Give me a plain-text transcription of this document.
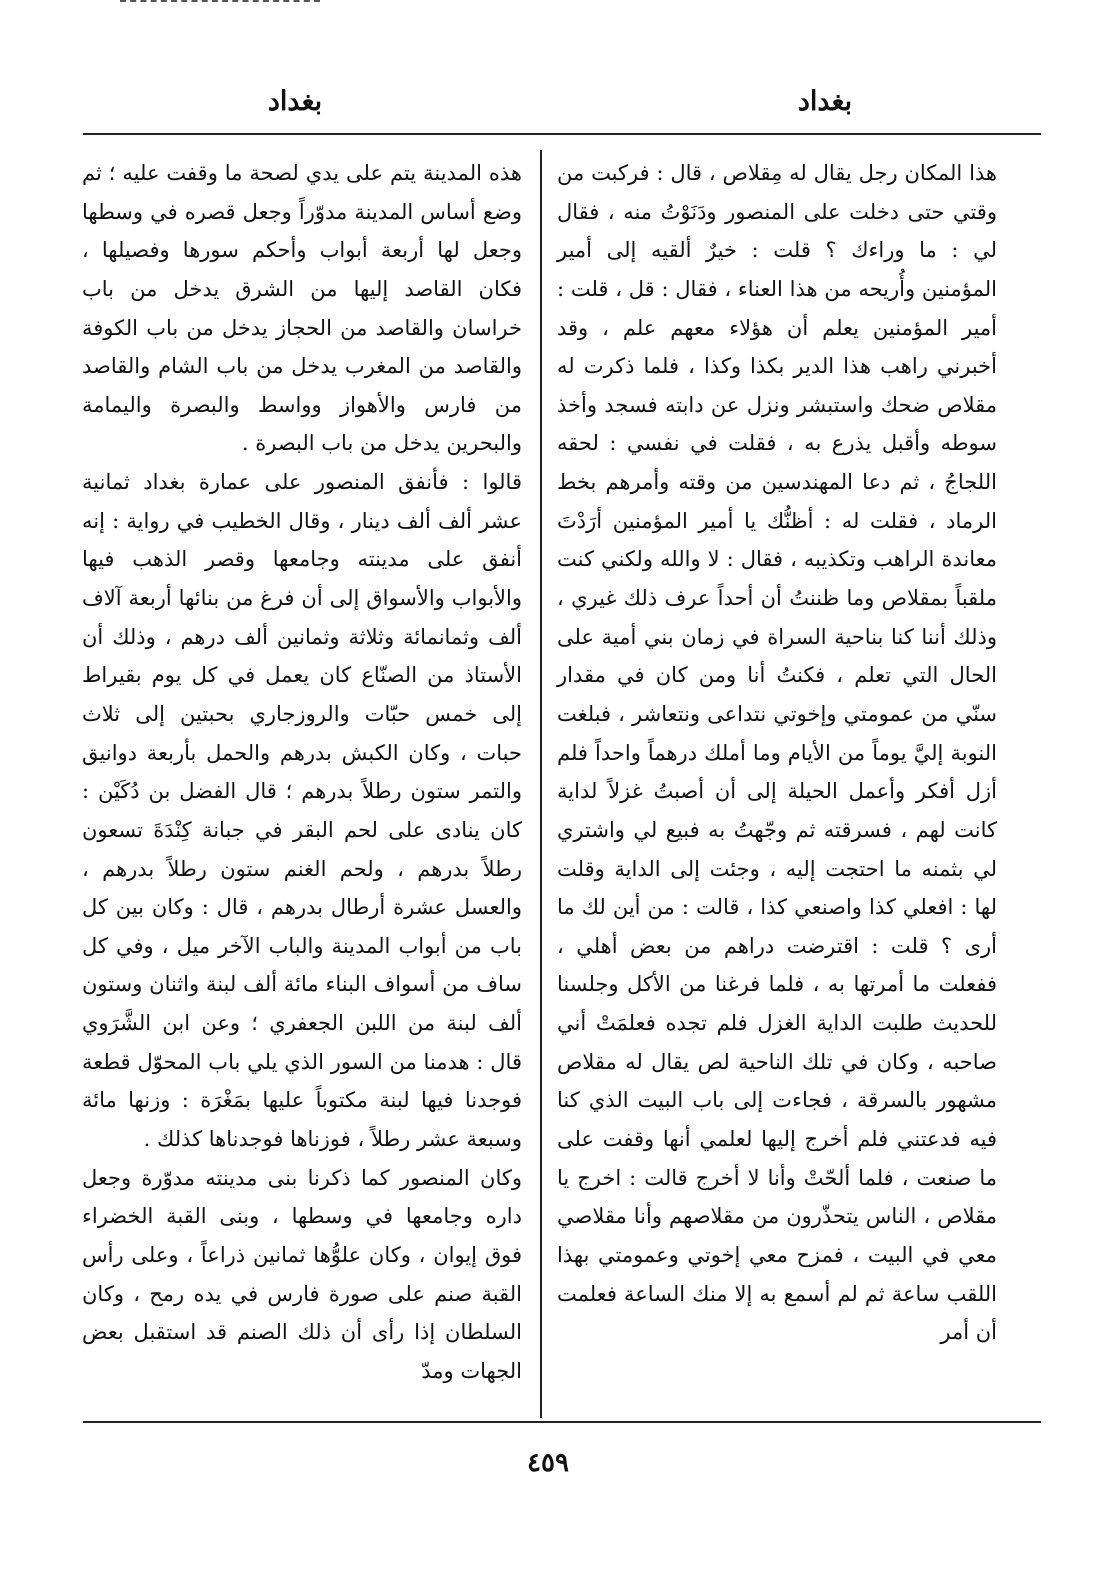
بغداد
بغداد

هذا المكان رجل يقال له مِقلاص ، قال : فركبت من وقتي حتى دخلت على المنصور ودَنَوْتُ منه ، فقال لي : ما وراءك ؟ قلت : خيرٌ ألقيه إلى أمير المؤمنين وأُريحه من هذا العناء ، فقال : قل ، قلت : أمير المؤمنين يعلم أن هؤلاء معهم علم ، وقد أخبرني راهب هذا الدير بكذا وكذا ، فلما ذكرت له مقلاص ضحك واستبشر ونزل عن دابته فسجد وأخذ سوطه وأقبل يذرع به ، فقلت في نفسي : لحقه اللجاجُ ، ثم دعا المهندسين من وقته وأمرهم بخط الرماد ، فقلت له : أظنُّك يا أمير المؤمنين أرَدْتَ معاندة الراهب وتكذيبه ، فقال : لا والله ولكني كنت ملقباً بمقلاص وما ظننتُ أن أحداً عرف ذلك غيري ، وذلك أننا كنا بناحية السراة في زمان بني أمية على الحال التي تعلم ، فكنتُ أنا ومن كان في مقدار سنّي من عمومتي وإخوتي نتداعى ونتعاشر ، فبلغت النوبة إليَّ يوماً من الأيام وما أملك درهماً واحداً فلم أزل أفكر وأعمل الحيلة إلى أن أصبتُ غزلاً لداية كانت لهم ، فسرقته ثم وجّهتُ به فبيع لي واشتري لي بثمنه ما احتجت إليه ، وجئت إلى الداية وقلت لها : افعلي كذا واصنعي كذا ، قالت : من أين لك ما أرى ؟ قلت : اقترضت دراهم من بعض أهلي ، ففعلت ما أمرتها به ، فلما فرغنا من الأكل وجلسنا للحديث طلبت الداية الغزل فلم تجده فعلمَتْ أني صاحبه ، وكان في تلك الناحية لص يقال له مقلاص مشهور بالسرقة ، فجاءت إلى باب البيت الذي كنا فيه فدعتني فلم أخرج إليها لعلمي أنها وقفت على ما صنعت ، فلما ألحّتْ وأنا لا أخرج قالت : اخرج يا مقلاص ، الناس يتحذّرون من مقلاصهم وأنا مقلاصي معي في البيت ، فمزح معي إخوتي وعمومتي بهذا اللقب ساعة ثم لم أسمع به إلا منك الساعة فعلمت أن أمر

هذه المدينة يتم على يدي لصحة ما وقفت عليه ؛ ثم وضع أساس المدينة مدوّراً وجعل قصره في وسطها وجعل لها أربعة أبواب وأحكم سورها وفصيلها ، فكان القاصد إليها من الشرق يدخل من باب خراسان والقاصد من الحجاز يدخل من باب الكوفة والقاصد من المغرب يدخل من باب الشام والقاصد من فارس والأهواز وواسط والبصرة واليمامة والبحرين يدخل من باب البصرة .

قالوا : فأنفق المنصور على عمارة بغداد ثمانية عشر ألف ألف دينار ، وقال الخطيب في رواية : إنه أنفق على مدينته وجامعها وقصر الذهب فيها والأبواب والأسواق إلى أن فرغ من بنائها أربعة آلاف ألف وثمانمائة وثلاثة وثمانين ألف درهم ، وذلك أن الأستاذ من الصنّاع كان يعمل في كل يوم بقيراط إلى خمس حبّات والروزجاري بحبتين إلى ثلاث حبات ، وكان الكبش بدرهم والحمل بأربعة دوانيق والتمر ستون رطلاً بدرهم ؛ قال الفضل بن دُكَيْن : كان ينادى على لحم البقر في جبانة كِنْدَةَ تسعون رطلاً بدرهم ، ولحم الغنم ستون رطلاً بدرهم ، والعسل عشرة أرطال بدرهم ، قال : وكان بين كل باب من أبواب المدينة والباب الآخر ميل ، وفي كل ساف من أسواف البناء مائة ألف لبنة واثنان وستون ألف لبنة من اللبن الجعفري ؛ وعن ابن الشَّرَوي قال : هدمنا من السور الذي يلي باب المحوّل قطعة فوجدنا فيها لبنة مكتوباً عليها بمَغْرَة : وزنها مائة وسبعة عشر رطلاً ، فوزناها فوجدناها كذلك .

وكان المنصور كما ذكرنا بنى مدينته مدوّرة وجعل داره وجامعها في وسطها ، وبنى القبة الخضراء فوق إيوان ، وكان علوُّها ثمانين ذراعاً ، وعلى رأس القبة صنم على صورة فارس في يده رمح ، وكان السلطان إذا رأى أن ذلك الصنم قد استقبل بعض الجهات ومدّ

٤٥٩
